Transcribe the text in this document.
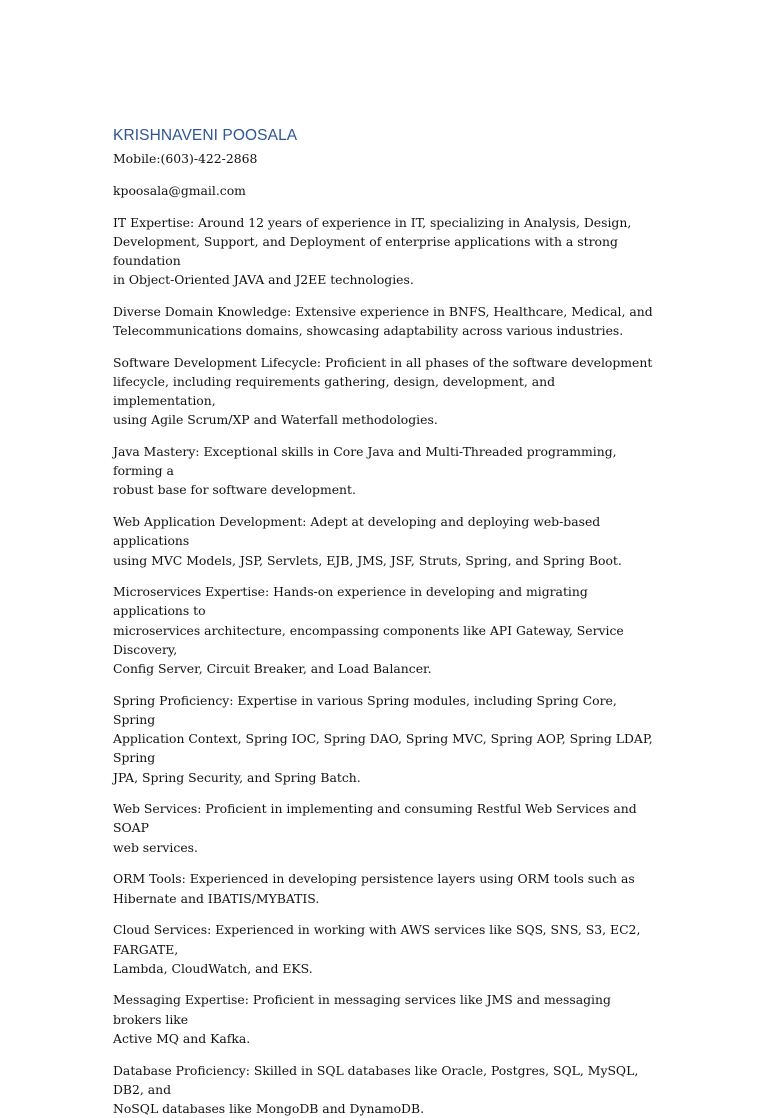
KRISHNAVENI POOSALA
Mobile:(603)-422-2868
kpoosala@gmail.com
IT Expertise: Around 12 years of experience in IT, specializing in Analysis, Design,
Development, Support, and Deployment of enterprise applications with a strong foundation
in Object-Oriented JAVA and J2EE technologies.
Diverse Domain Knowledge: Extensive experience in BNFS, Healthcare, Medical, and
Telecommunications domains, showcasing adaptability across various industries.
Software Development Lifecycle: Proficient in all phases of the software development
lifecycle, including requirements gathering, design, development, and implementation,
using Agile Scrum/XP and Waterfall methodologies.
Java Mastery: Exceptional skills in Core Java and Multi-Threaded programming, forming a
robust base for software development.
Web Application Development: Adept at developing and deploying web-based applications
using MVC Models, JSP, Servlets, EJB, JMS, JSF, Struts, Spring, and Spring Boot.
Microservices Expertise: Hands-on experience in developing and migrating applications to
microservices architecture, encompassing components like API Gateway, Service Discovery,
Config Server, Circuit Breaker, and Load Balancer.
Spring Proficiency: Expertise in various Spring modules, including Spring Core, Spring
Application Context, Spring IOC, Spring DAO, Spring MVC, Spring AOP, Spring LDAP, Spring
JPA, Spring Security, and Spring Batch.
Web Services: Proficient in implementing and consuming Restful Web Services and SOAP
web services.
ORM Tools: Experienced in developing persistence layers using ORM tools such as
Hibernate and IBATIS/MYBATIS.
Cloud Services: Experienced in working with AWS services like SQS, SNS, S3, EC2, FARGATE,
Lambda, CloudWatch, and EKS.
Messaging Expertise: Proficient in messaging services like JMS and messaging brokers like
Active MQ and Kafka.
Database Proficiency: Skilled in SQL databases like Oracle, Postgres, SQL, MySQL, DB2, and
NoSQL databases like MongoDB and DynamoDB.
